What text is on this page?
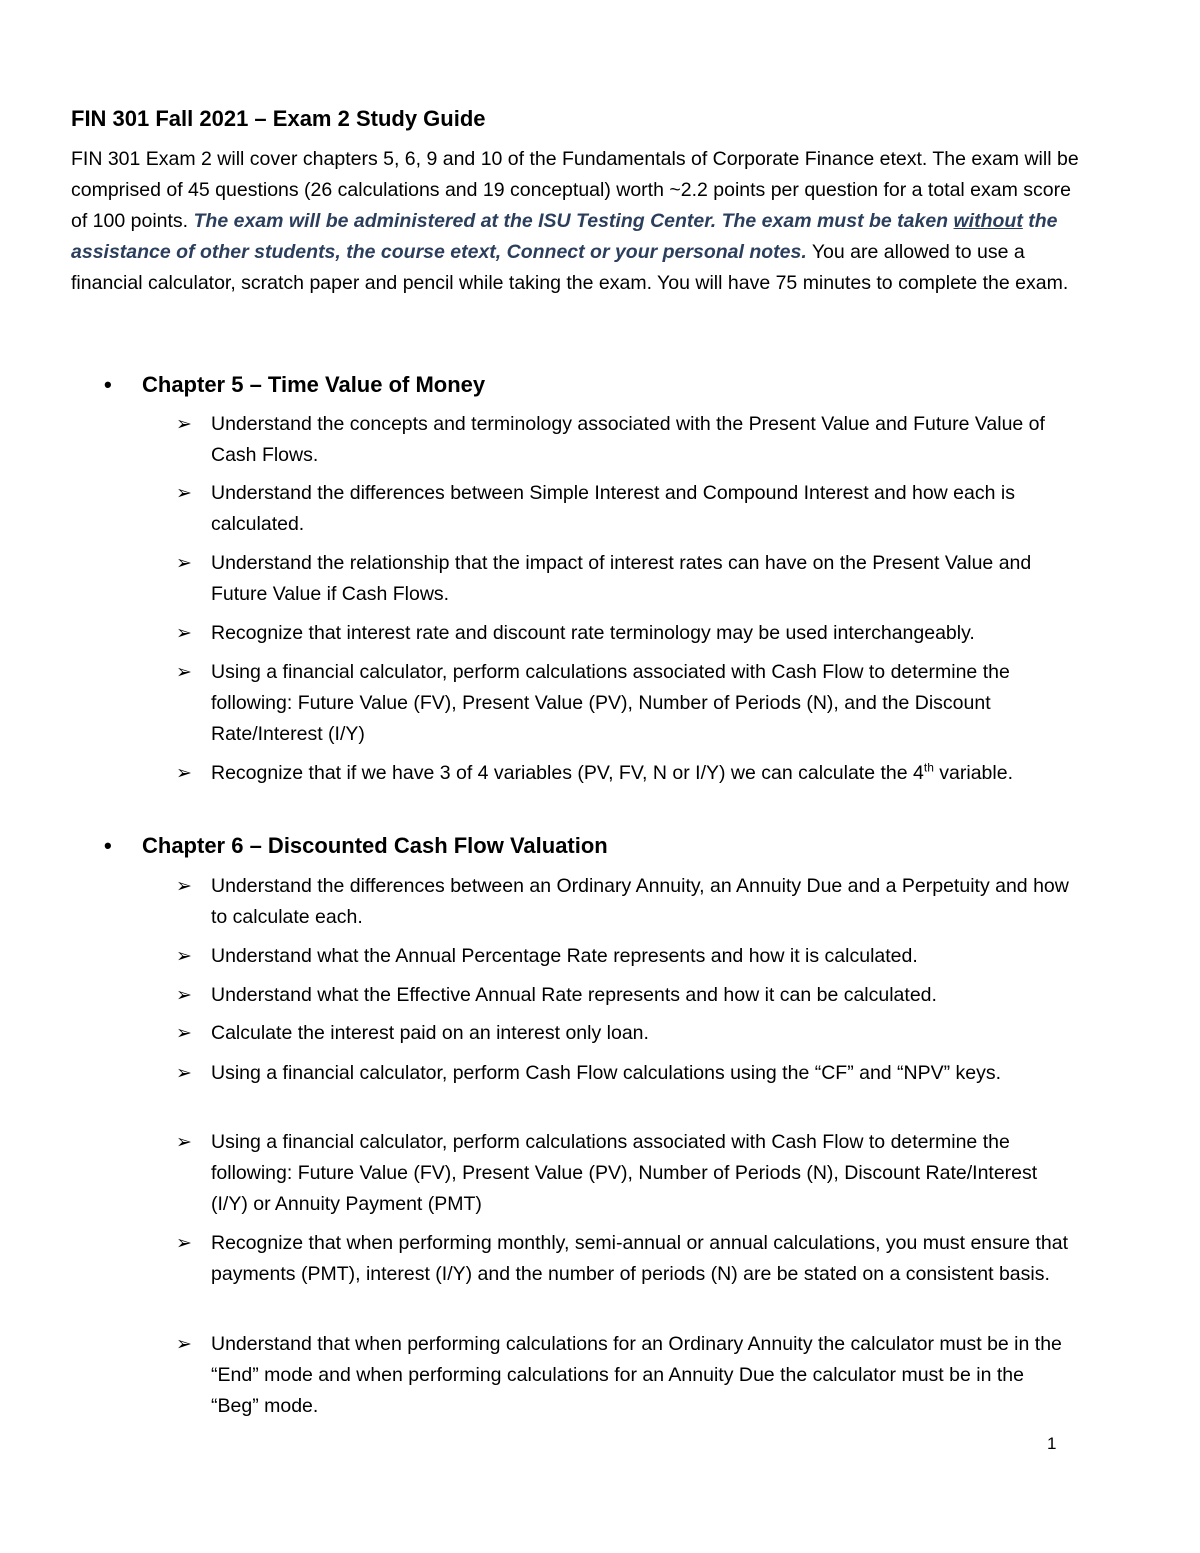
FIN 301 Fall 2021 – Exam 2 Study Guide
FIN 301 Exam 2 will cover chapters 5, 6, 9 and 10 of the Fundamentals of Corporate Finance etext. The exam will be comprised of 45 questions (26 calculations and 19 conceptual) worth ~2.2 points per question for a total exam score of 100 points. The exam will be administered at the ISU Testing Center. The exam must be taken without the assistance of other students, the course etext, Connect or your personal notes. You are allowed to use a financial calculator, scratch paper and pencil while taking the exam. You will have 75 minutes to complete the exam.
• Chapter 5 – Time Value of Money
➢ Understand the concepts and terminology associated with the Present Value and Future Value of Cash Flows.
➢ Understand the differences between Simple Interest and Compound Interest and how each is calculated.
➢ Understand the relationship that the impact of interest rates can have on the Present Value and Future Value if Cash Flows.
➢ Recognize that interest rate and discount rate terminology may be used interchangeably.
➢ Using a financial calculator, perform calculations associated with Cash Flow to determine the following: Future Value (FV), Present Value (PV), Number of Periods (N), and the Discount Rate/Interest (I/Y)
➢ Recognize that if we have 3 of 4 variables (PV, FV, N or I/Y) we can calculate the 4th variable.
• Chapter 6 – Discounted Cash Flow Valuation
➢ Understand the differences between an Ordinary Annuity, an Annuity Due and a Perpetuity and how to calculate each.
➢ Understand what the Annual Percentage Rate represents and how it is calculated.
➢ Understand what the Effective Annual Rate represents and how it can be calculated.
➢ Calculate the interest paid on an interest only loan.
➢ Using a financial calculator, perform Cash Flow calculations using the “CF” and “NPV” keys.
➢ Using a financial calculator, perform calculations associated with Cash Flow to determine the following: Future Value (FV), Present Value (PV), Number of Periods (N), Discount Rate/Interest (I/Y) or Annuity Payment (PMT)
➢ Recognize that when performing monthly, semi-annual or annual calculations, you must ensure that payments (PMT), interest (I/Y) and the number of periods (N) are be stated on a consistent basis.
➢ Understand that when performing calculations for an Ordinary Annuity the calculator must be in the “End” mode and when performing calculations for an Annuity Due the calculator must be in the “Beg” mode.
1
